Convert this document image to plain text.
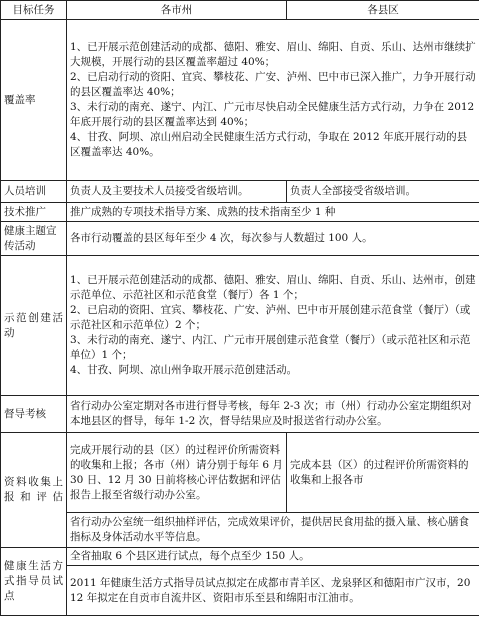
目标任务	各市州	各县区
覆盖率	1、已开展示范创建活动的成都、德阳、雅安、眉山、绵阳、自贡、乐山、达州市继续扩大规模，开展行动的县区覆盖率超过 40%；
2、已启动行动的资阳、宜宾、攀枝花、广安、泸州、巴中市已深入推广，力争开展行动的县区覆盖率达 40%；
3、未行动的南充、遂宁、内江、广元市尽快启动全民健康生活方式行动，力争在 2012 年底开展行动的县区覆盖率达到 40%；
4、甘孜、阿坝、凉山州启动全民健康生活方式行动，争取在 2012 年底开展行动的县区覆盖率达 40%。	

人员培训	负责人及主要技术人员接受省级培训。	负责人全部接受省级培训。
技术推广	推广成熟的专项技术指导方案、成熟的技术指南至少 1 种	
健康主题宣传活动	各市行动覆盖的县区每年至少 4 次，每次参与人数超过 100 人。	
示范创建活动	1、已开展示范创建活动的成都、德阳、雅安、眉山、绵阳、自贡、乐山、达州市，创建示范单位、示范社区和示范食堂（餐厅）各 1 个；
2、已启动的资阳、宜宾、攀枝花、广安、泸州、巴中市开展创建示范食堂（餐厅）（或示范社区和示范单位）2 个；
3、未行动的南充、遂宁、内江、广元市开展创建示范食堂（餐厅）（或示范社区和示范单位）1 个；
4、甘孜、阿坝、凉山州争取开展示范创建活动。	

督导考核	省行动办公室定期对各市进行督导考核，每年 2-3 次；市（州）行动办公室定期组织对本地县区的督导，每年 1-2 次，督导结果应及时报送省行动办公室。	
资料收集上报和评估	完成开展行动的县（区）的过程评价所需资料的收集和上报；各市（州）请分别于每年 6 月 30 日、12 月 30 日前将核心评估数据和评估报告上报至省级行动办公室。	完成本县（区）的过程评价所需资料的收集和上报各市
	省行动办公室统一组织抽样评估，完成效果评价，提供居民食用盐的摄入量、核心膳食指标及身体活动水平等信息。	
健康生活方式指导员试点	全省抽取 6 个县区进行试点，每个点至少 150 人。	
	2011 年健康生活方式指导员试点拟定在成都市青羊区、龙泉驿区和德阳市广汉市，2012 年拟定在自贡市自流井区、资阳市乐至县和绵阳市江油市。	
